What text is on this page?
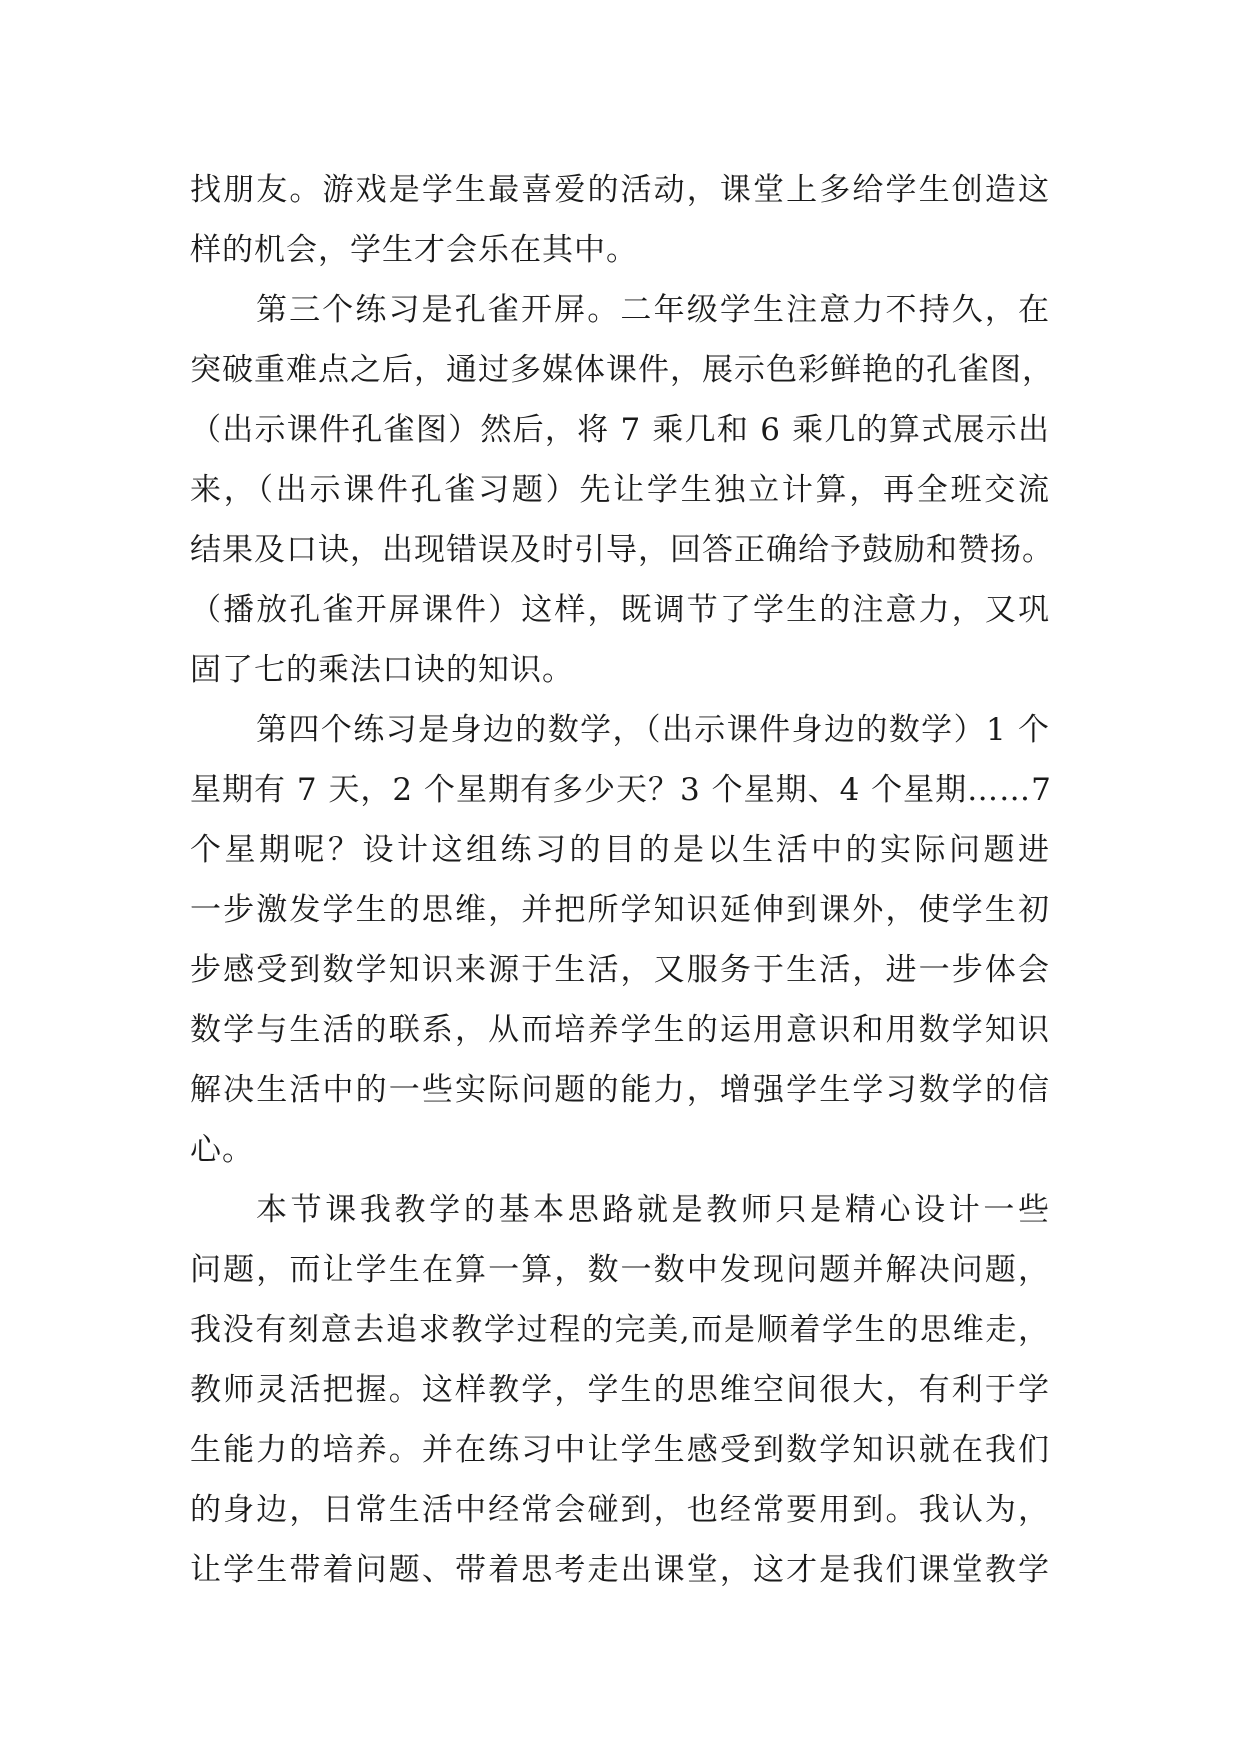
找朋友。游戏是学生最喜爱的活动，课堂上多给学生创造这
样的机会，学生才会乐在其中。
第三个练习是孔雀开屏。二年级学生注意力不持久，在
突破重难点之后，通过多媒体课件，展示色彩鲜艳的孔雀图，
（出示课件孔雀图）然后，将 7 乘几和 6 乘几的算式展示出
来，（出示课件孔雀习题）先让学生独立计算，再全班交流
结果及口诀，出现错误及时引导，回答正确给予鼓励和赞扬。
（播放孔雀开屏课件）这样，既调节了学生的注意力，又巩
固了七的乘法口诀的知识。
第四个练习是身边的数学，（出示课件身边的数学）1 个
星期有 7 天，2 个星期有多少天？3 个星期、4 个星期……7
个星期呢？设计这组练习的目的是以生活中的实际问题进
一步激发学生的思维，并把所学知识延伸到课外，使学生初
步感受到数学知识来源于生活，又服务于生活，进一步体会
数学与生活的联系，从而培养学生的运用意识和用数学知识
解决生活中的一些实际问题的能力，增强学生学习数学的信
心。
本节课我教学的基本思路就是教师只是精心设计一些
问题，而让学生在算一算，数一数中发现问题并解决问题，
我没有刻意去追求教学过程的完美,而是顺着学生的思维走，
教师灵活把握。这样教学，学生的思维空间很大，有利于学
生能力的培养。并在练习中让学生感受到数学知识就在我们
的身边，日常生活中经常会碰到，也经常要用到。我认为，
让学生带着问题、带着思考走出课堂，这才是我们课堂教学
